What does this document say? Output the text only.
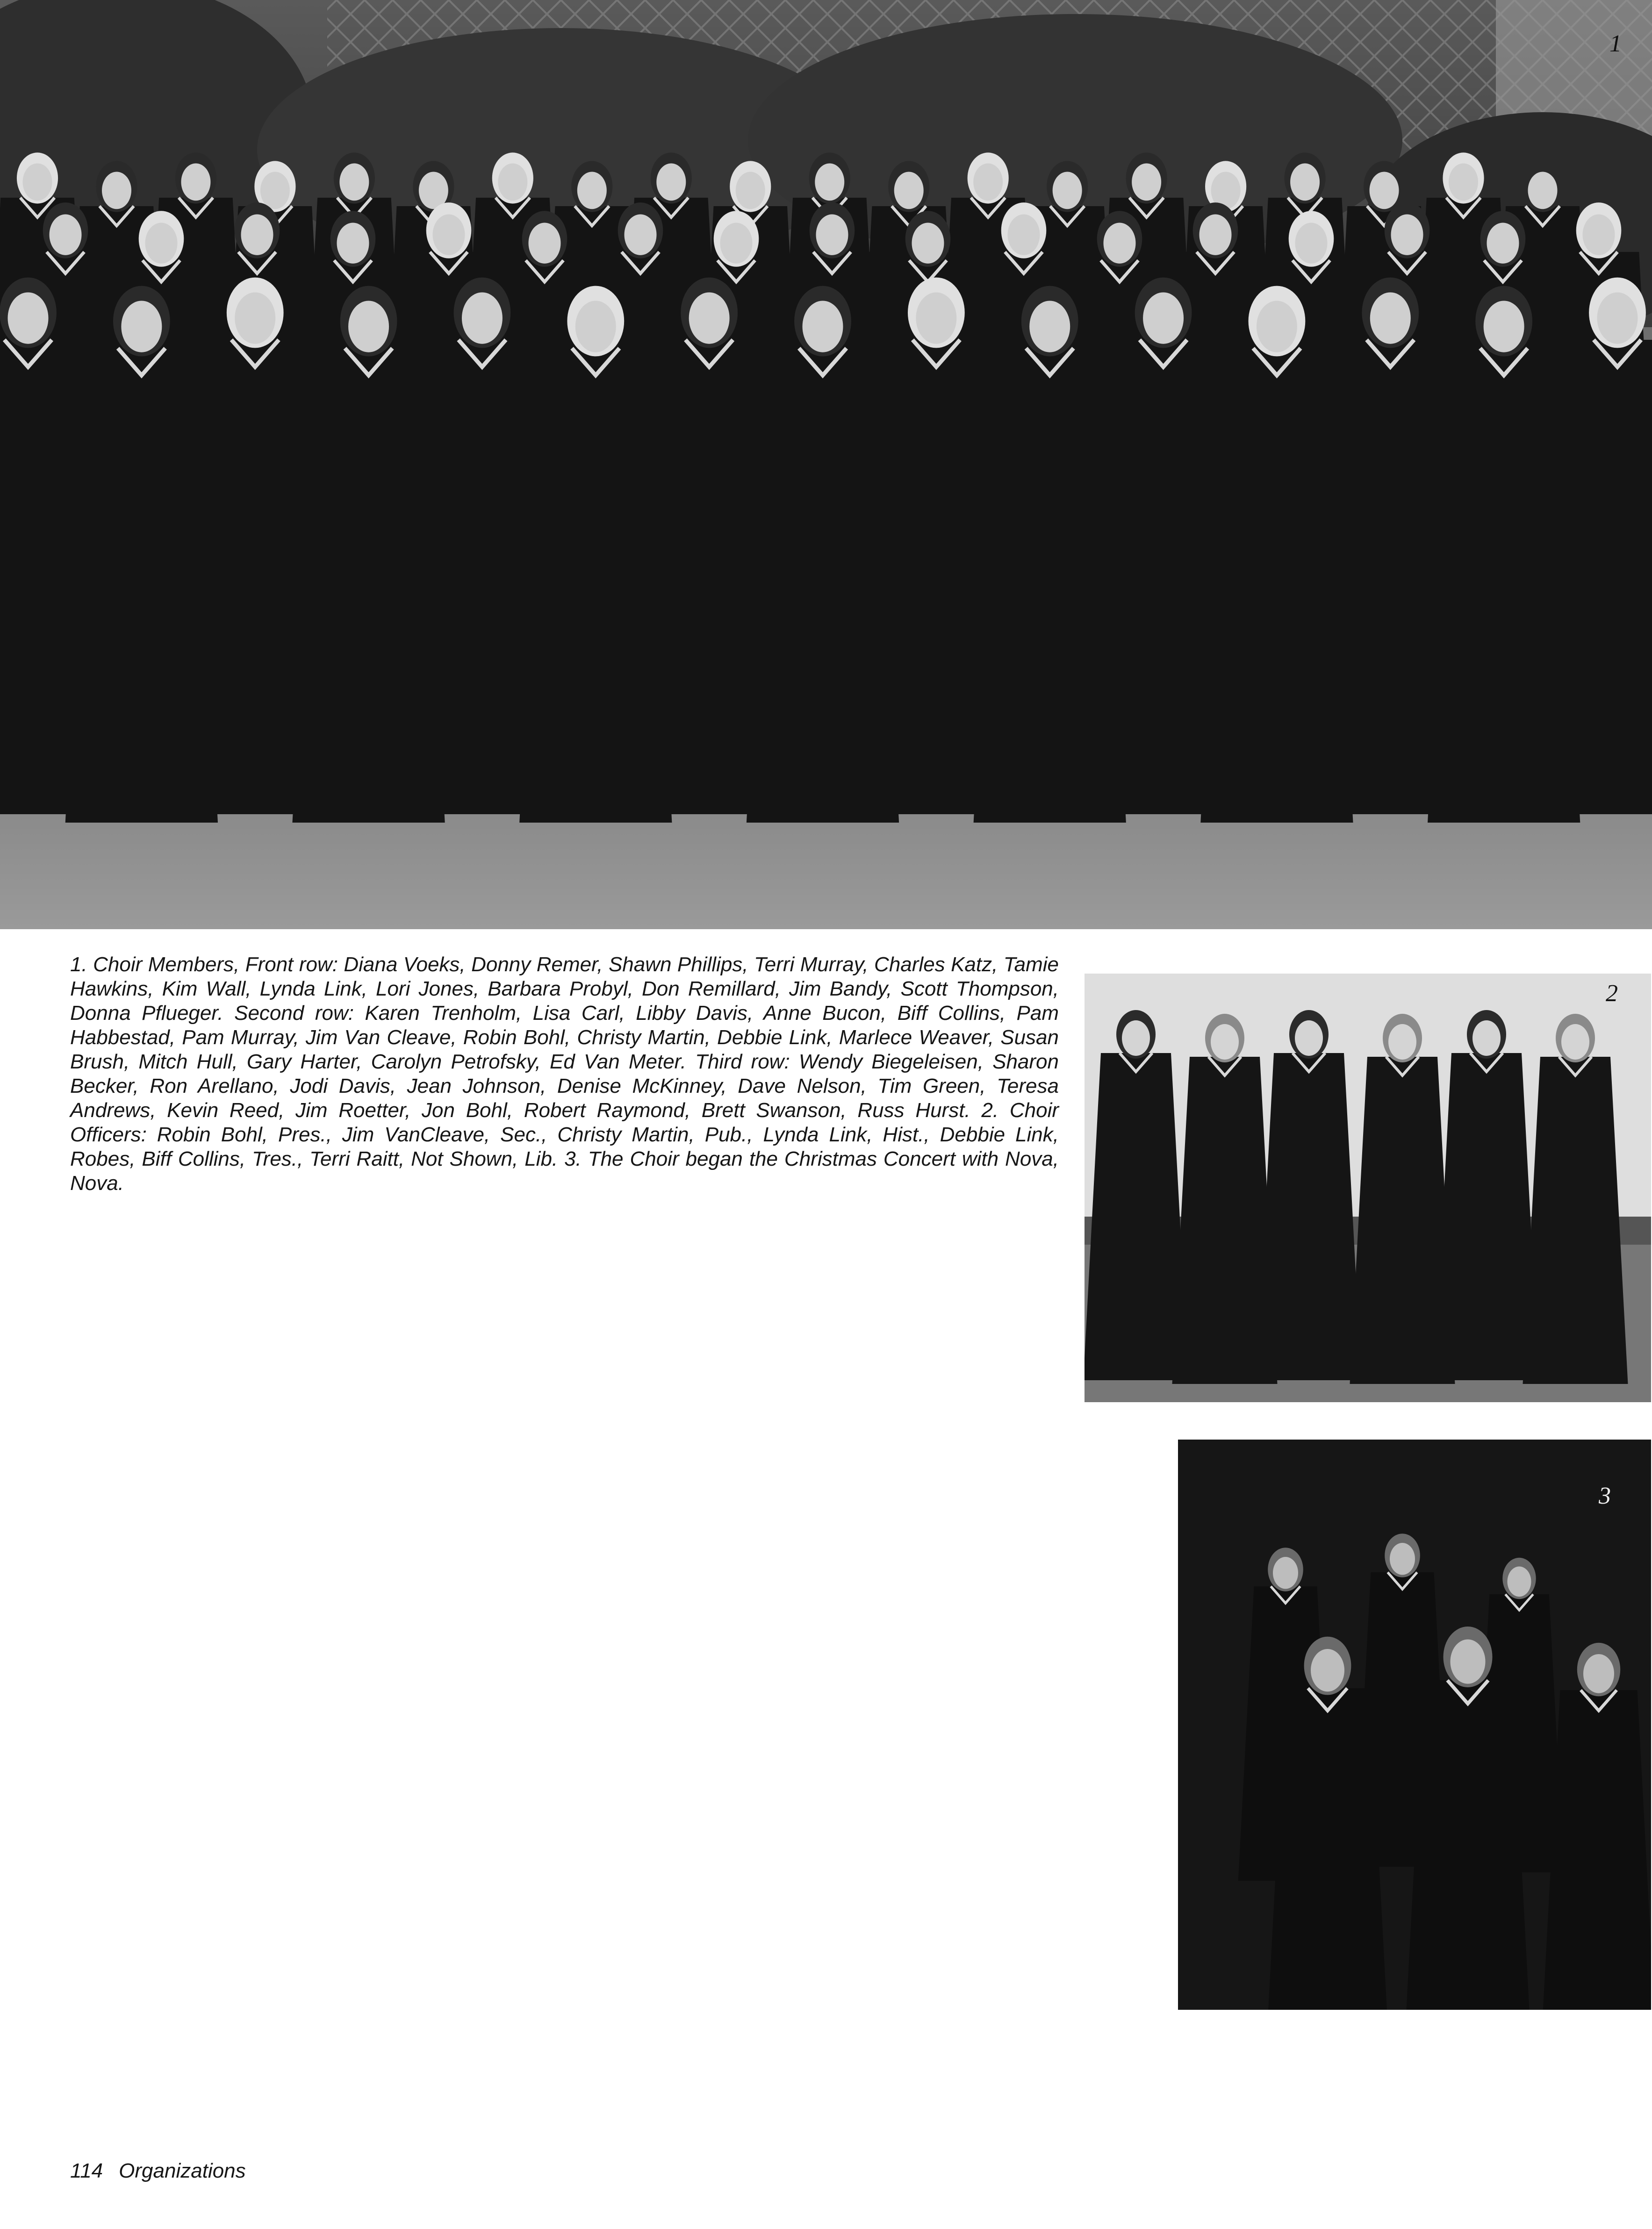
1

1. Choir Members, Front row: Diana Voeks, Donny Remer, Shawn Phillips, Terri Murray, Charles Katz, Tamie Hawkins, Kim Wall, Lynda Link, Lori Jones, Barbara Probyl, Don Remillard, Jim Bandy, Scott Thompson, Donna Pflueger. Second row: Karen Trenholm, Lisa Carl, Libby Davis, Anne Bucon, Biff Collins, Pam Habbestad, Pam Murray, Jim Van Cleave, Robin Bohl, Christy Martin, Debbie Link, Marlece Weaver, Susan Brush, Mitch Hull, Gary Harter, Carolyn Petrofsky, Ed Van Meter. Third row: Wendy Biegeleisen, Sharon Becker, Ron Arellano, Jodi Davis, Jean Johnson, Denise McKinney, Dave Nelson, Tim Green, Teresa Andrews, Kevin Reed, Jim Roetter, Jon Bohl, Robert Raymond, Brett Swanson, Russ Hurst. 2. Choir Officers: Robin Bohl, Pres., Jim VanCleave, Sec., Christy Martin, Pub., Lynda Link, Hist., Debbie Link, Robes, Biff Collins, Tres., Terri Raitt, Not Shown, Lib. 3. The Choir began the Christmas Concert with Nova, Nova.

2
3
114 Organizations
